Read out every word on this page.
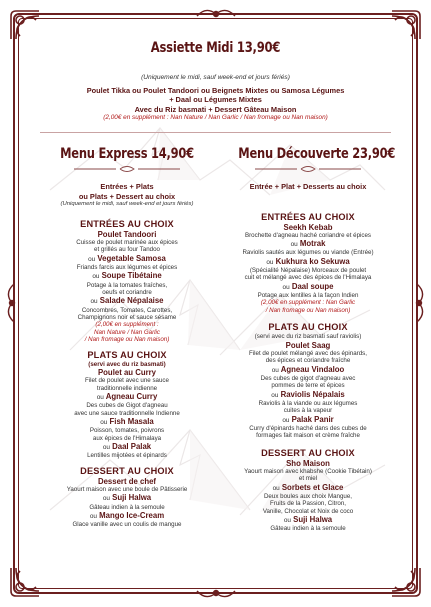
Assiette Midi 13,90€
(Uniquement le midi, sauf week-end et jours fériés)
Poulet Tikka ou Poulet Tandoori ou Beignets Mixtes ou Samosa Légumes
+ Daal ou Légumes Mixtes
Avec du Riz basmati + Dessert Gâteau Maison
(2,00€ en supplément : Nan Nature / Nan Garlic / Nan fromage ou Nan maison)
Menu Express 14,90€
Entrées + Plats
ou Plats + Dessert au choix
(Uniquement le midi, sauf week-end et jours fériés)
ENTRÉES AU CHOIX
Poulet Tandoori
Cuisse de poulet marinée aux épices
et grillés au four Tandoo
ou Vegetable Samosa
Friands farcis aux légumes et épices
ou Soupe Tibétaine
Potage à la tomates fraîches,
oeufs et coriandre
ou Salade Népalaise
Concombres, Tomates, Carottes,
Champignons noir et sauce sésame
(2,00€ en supplément :
Nan Nature / Nan Garlic
/ Nan fromage ou Nan maison)
PLATS AU CHOIX
(servi avec du riz basmati)
Poulet au Curry
Filet de poulet avec une sauce
traditionnelle indienne
ou Agneau Curry
Des cubes de Gigot d'agneau
avec une sauce traditionnelle Indienne
ou Fish Masala
Poisson, tomates, poivrons
aux épices de l'Himalaya
ou Daal Palak
Lentilles mijotées et épinards
DESSERT AU CHOIX
Dessert de chef
Yaourt maison avec une boule de Pâtisserie
ou Suji Halwa
Gâteau indien à la semoule
ou Mango Ice-Cream
Glace vanille avec un coulis de mangue
Menu Découverte 23,90€
Entrée + Plat + Desserts au choix
ENTRÉES AU CHOIX
Seekh Kebab
Brochette d'agneau haché coriandre et épices
ou Motrak
Raviolis sautés aux légumes ou viande (Entrée)
ou Kukhura ko Sekuwa
(Spécialité Népalaise) Morceaux de poulet
cuit et mélangé avec des épices de l'Himalaya
ou Daal soupe
Potage aux lentilles à la façon Indien
(2,00€ en supplément : Nan Garlic
/ Nan fromage ou Nan maison)
PLATS AU CHOIX
(servi avec du riz basmati sauf raviolis)
Poulet Saag
Filet de poulet mélangé avec des épinards,
des épices et coriandre fraîche
ou Agneau Vindaloo
Des cubes de gigot d'agneau avec
pommes de terre et épices
ou Raviolis Népalais
Raviolis à la viande ou aux légumes
cuites à la vapeur
ou Palak Panir
Curry d'épinards haché dans des cubes de
formages fait maison et crème fraîche
DESSERT AU CHOIX
Sho Maison
Yaourt maison avec khabshe (Cookie Tibétain)
et miel
ou Sorbets et Glace
Deux boules aux choix Mangue,
Fruits de la Passion, Citron,
Vanille, Chocolat et Noix de coco
ou Suji Halwa
Gâteau indien à la semoule
